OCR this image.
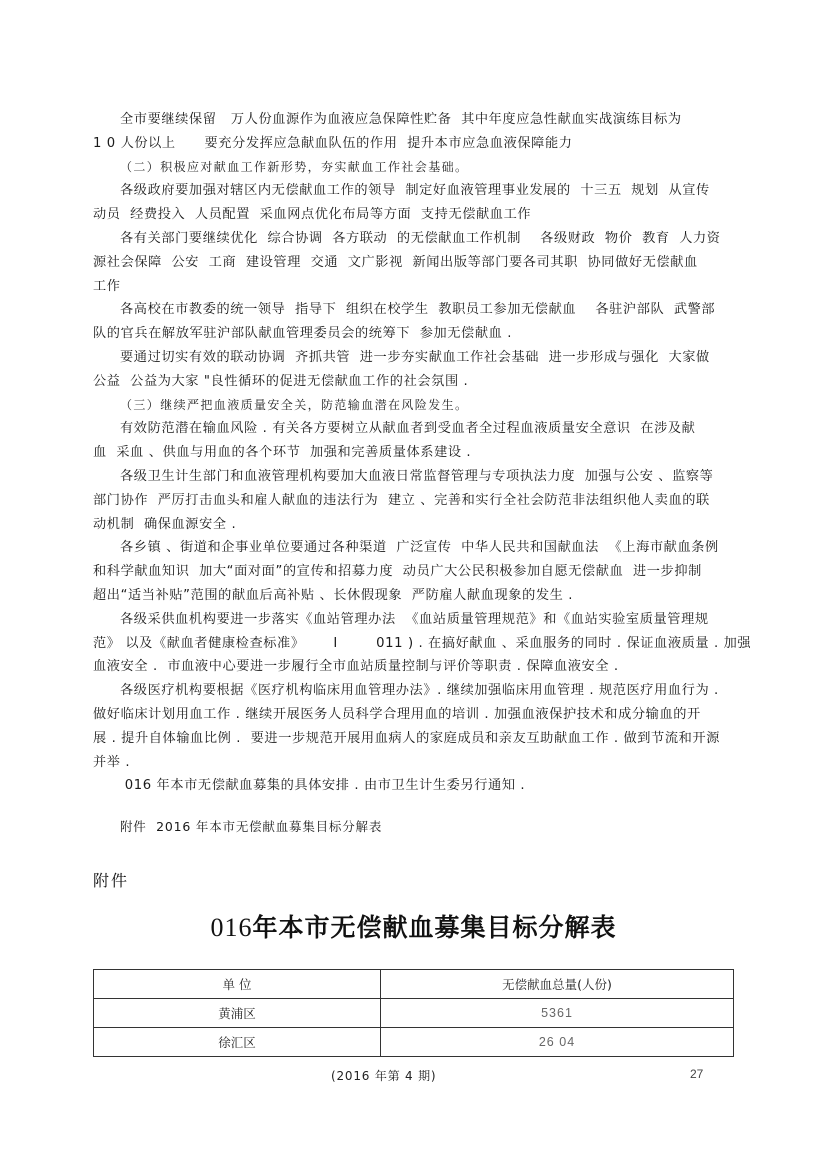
全市要继续保留   万人份血源作为血液应急保障性贮备  其中年度应急性献血实战演练目标为
1 0 人份以上      要充分发挥应急献血队伍的作用  提升本市应急血液保障能力
（二）积极应对献血工作新形势，夯实献血工作社会基础。
各级政府要加强对辖区内无偿献血工作的领导  制定好血液管理事业发展的  十三五  规划  从宣传
动员  经费投入  人员配置  采血网点优化布局等方面  支持无偿献血工作
各有关部门要继续优化  综合协调  各方联动  的无偿献血工作机制    各级财政  物价  教育  人力资
源社会保障  公安  工商  建设管理  交通  文广影视  新闻出版等部门要各司其职  协同做好无偿献血
工作
各高校在市教委的统一领导  指导下  组织在校学生  教职员工参加无偿献血    各驻沪部队  武警部
队的官兵在解放军驻沪部队献血管理委员会的统筹下  参加无偿献血 .
要通过切实有效的联动协调  齐抓共管  进一步夯实献血工作社会基础  进一步形成与强化  大家做
公益  公益为大家 "良性循环的促进无偿献血工作的社会氛围 .
（三）继续严把血液质量安全关，防范输血潜在风险发生。
有效防范潜在输血风险 . 有关各方要树立从献血者到受血者全过程血液质量安全意识  在涉及献
血  采血 、供血与用血的各个环节  加强和完善质量体系建设 .
各级卫生计生部门和血液管理机构要加大血液日常监督管理与专项执法力度  加强与公安 、监察等
部门协作  严厉打击血头和雇人献血的违法行为  建立 、完善和实行全社会防范非法组织他人卖血的联
动机制  确保血源安全 .
各乡镇 、街道和企事业单位要通过各种渠道  广泛宣传  中华人民共和国献血法  《上海市献血条例
和科学献血知识  加大“面对面”的宣传和招募力度  动员广大公民积极参加自愿无偿献血  进一步抑制
超出“适当补贴”范围的献血后高补贴 、长休假现象  严防雇人献血现象的发生 .
各级采供血机构要进一步落实《血站管理办法  《血站质量管理规范》和《血站实验室质量管理规
范》 以及《献血者健康检查标准》      I        011 ) . 在搞好献血 、采血服务的同时 . 保证血液质量 . 加强
血液安全 .  市血液中心要进一步履行全市血站质量控制与评价等职责 . 保障血液安全 .
各级医疗机构要根据《医疗机构临床用血管理办法》. 继续加强临床用血管理 . 规范医疗用血行为 .
做好临床计划用血工作 . 继续开展医务人员科学合理用血的培训 . 加强血液保护技术和成分输血的开
展 . 提升自体输血比例 .  要进一步规范开展用血病人的家庭成员和亲友互助献血工作 . 做到节流和开源
并举 .
016 年本市无偿献血募集的具体安排 . 由市卫生计生委另行通知 .
附件  2016 年本市无偿献血募集目标分解表
附件
016年本市无偿献血募集目标分解表
单 位	无偿献血总量(人份)
黄浦区	5361
徐汇区	26 04
(2016 年第 4 期)	27
